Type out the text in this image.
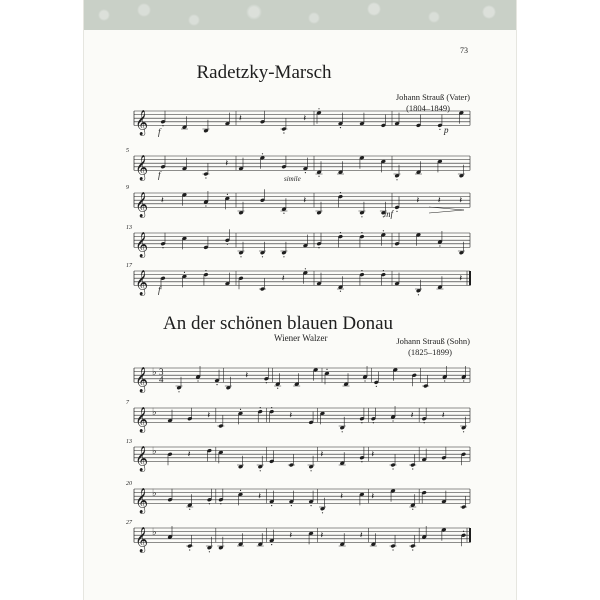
73
Radetzky-Marsch
Johann Strauß (Vater)
(1804–1849)
An der schönen blauen Donau
Wiener Walzer	Johann Strauß (Sohn)
(1825–1899)
𝄞	𝄽	𝄽
𝄞
5
𝄽
𝄞
9
𝄽	𝄽	𝄽 𝄽 𝄽
𝄞
13
𝄞
17
𝄽	𝄽
f	p
f	simile
mf
f
𝄞 ♭ 3
4	𝄽
𝄞 ♭
7
𝄽	𝄽	𝄽	𝄽
𝄞 ♭
13
𝄽	𝄽	𝄽
𝄞 ♭
20
𝄽	𝄽	𝄽
𝄞 ♭
27
𝄽	𝄽	𝄽
